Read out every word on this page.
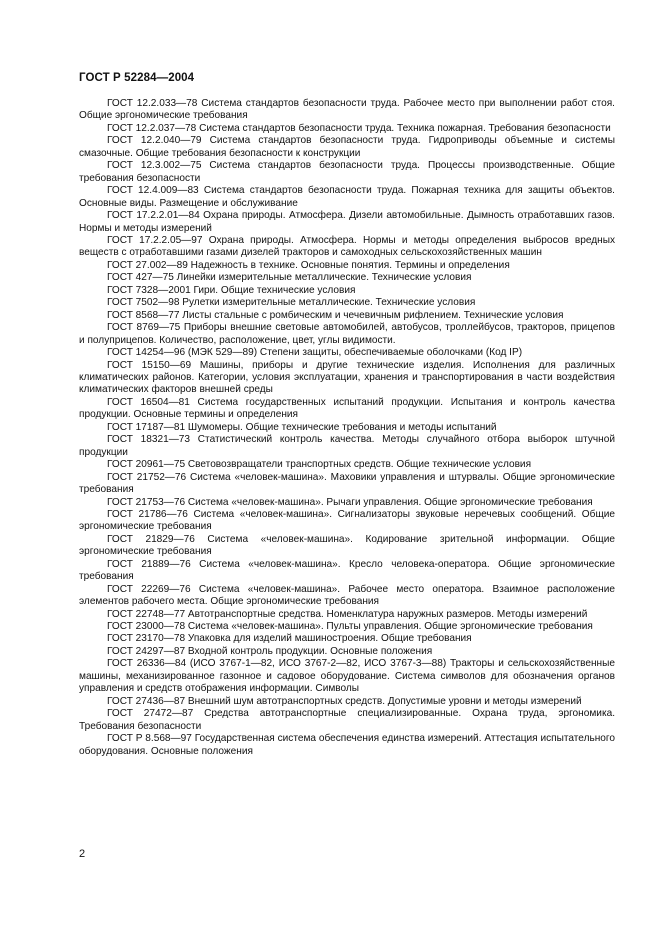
ГОСТ Р 52284—2004

ГОСТ 12.2.033—78 Система стандартов безопасности труда. Рабочее место при выполнении работ стоя. Общие эргономические требования

ГОСТ 12.2.037—78 Система стандартов безопасности труда. Техника пожарная. Требования безопасности

ГОСТ 12.2.040—79 Система стандартов безопасности труда. Гидроприводы объемные и системы смазочные. Общие требования безопасности к конструкции

ГОСТ 12.3.002—75 Система стандартов безопасности труда. Процессы производственные. Общие требования безопасности

ГОСТ 12.4.009—83 Система стандартов безопасности труда. Пожарная техника для защиты объектов. Основные виды. Размещение и обслуживание

ГОСТ 17.2.2.01—84 Охрана природы. Атмосфера. Дизели автомобильные. Дымность отработавших газов. Нормы и методы измерений

ГОСТ 17.2.2.05—97 Охрана природы. Атмосфера. Нормы и методы определения выбросов вредных веществ с отработавшими газами дизелей тракторов и самоходных сельскохозяйственных машин

ГОСТ 27.002—89 Надежность в технике. Основные понятия. Термины и определения

ГОСТ 427—75 Линейки измерительные металлические. Технические условия

ГОСТ 7328—2001 Гири. Общие технические условия

ГОСТ 7502—98 Рулетки измерительные металлические. Технические условия

ГОСТ 8568—77 Листы стальные с ромбическим и чечевичным рифлением. Технические условия

ГОСТ 8769—75 Приборы внешние световые автомобилей, автобусов, троллейбусов, тракторов, прицепов и полуприцепов. Количество, расположение, цвет, углы видимости.

ГОСТ 14254—96 (МЭК 529—89) Степени защиты, обеспечиваемые оболочками (Код IP)

ГОСТ 15150—69 Машины, приборы и другие технические изделия. Исполнения для различных климатических районов. Категории, условия эксплуатации, хранения и транспортирования в части воздействия климатических факторов внешней среды

ГОСТ 16504—81 Система государственных испытаний продукции. Испытания и контроль качества продукции. Основные термины и определения

ГОСТ 17187—81 Шумомеры. Общие технические требования и методы испытаний

ГОСТ 18321—73 Статистический контроль качества. Методы случайного отбора выборок штучной продукции

ГОСТ 20961—75 Световозвращатели транспортных средств. Общие технические условия

ГОСТ 21752—76 Система «человек-машина». Маховики управления и штурвалы. Общие эргономические требования

ГОСТ 21753—76 Система «человек-машина». Рычаги управления. Общие эргономические требования

ГОСТ 21786—76 Система «человек-машина». Сигнализаторы звуковые неречевых сообщений. Общие эргономические требования

ГОСТ 21829—76 Система «человек-машина». Кодирование зрительной информации. Общие эргономические требования

ГОСТ 21889—76 Система «человек-машина». Кресло человека-оператора. Общие эргономические требования

ГОСТ 22269—76 Система «человек-машина». Рабочее место оператора. Взаимное расположение элементов рабочего места. Общие эргономические требования

ГОСТ 22748—77 Автотранспортные средства. Номенклатура наружных размеров. Методы измерений

ГОСТ 23000—78 Система «человек-машина». Пульты управления. Общие эргономические требования

ГОСТ 23170—78 Упаковка для изделий машиностроения. Общие требования

ГОСТ 24297—87 Входной контроль продукции. Основные положения

ГОСТ 26336—84 (ИСО 3767-1—82, ИСО 3767-2—82, ИСО 3767-3—88) Тракторы и сельскохозяйственные машины, механизированное газонное и садовое оборудование. Система символов для обозначения органов управления и средств отображения информации. Символы

ГОСТ 27436—87 Внешний шум автотранспортных средств. Допустимые уровни и методы измерений

ГОСТ 27472—87 Средства автотранспортные специализированные. Охрана труда, эргономика. Требования безопасности

ГОСТ Р 8.568—97 Государственная система обеспечения единства измерений. Аттестация испытательного оборудования. Основные положения

2
